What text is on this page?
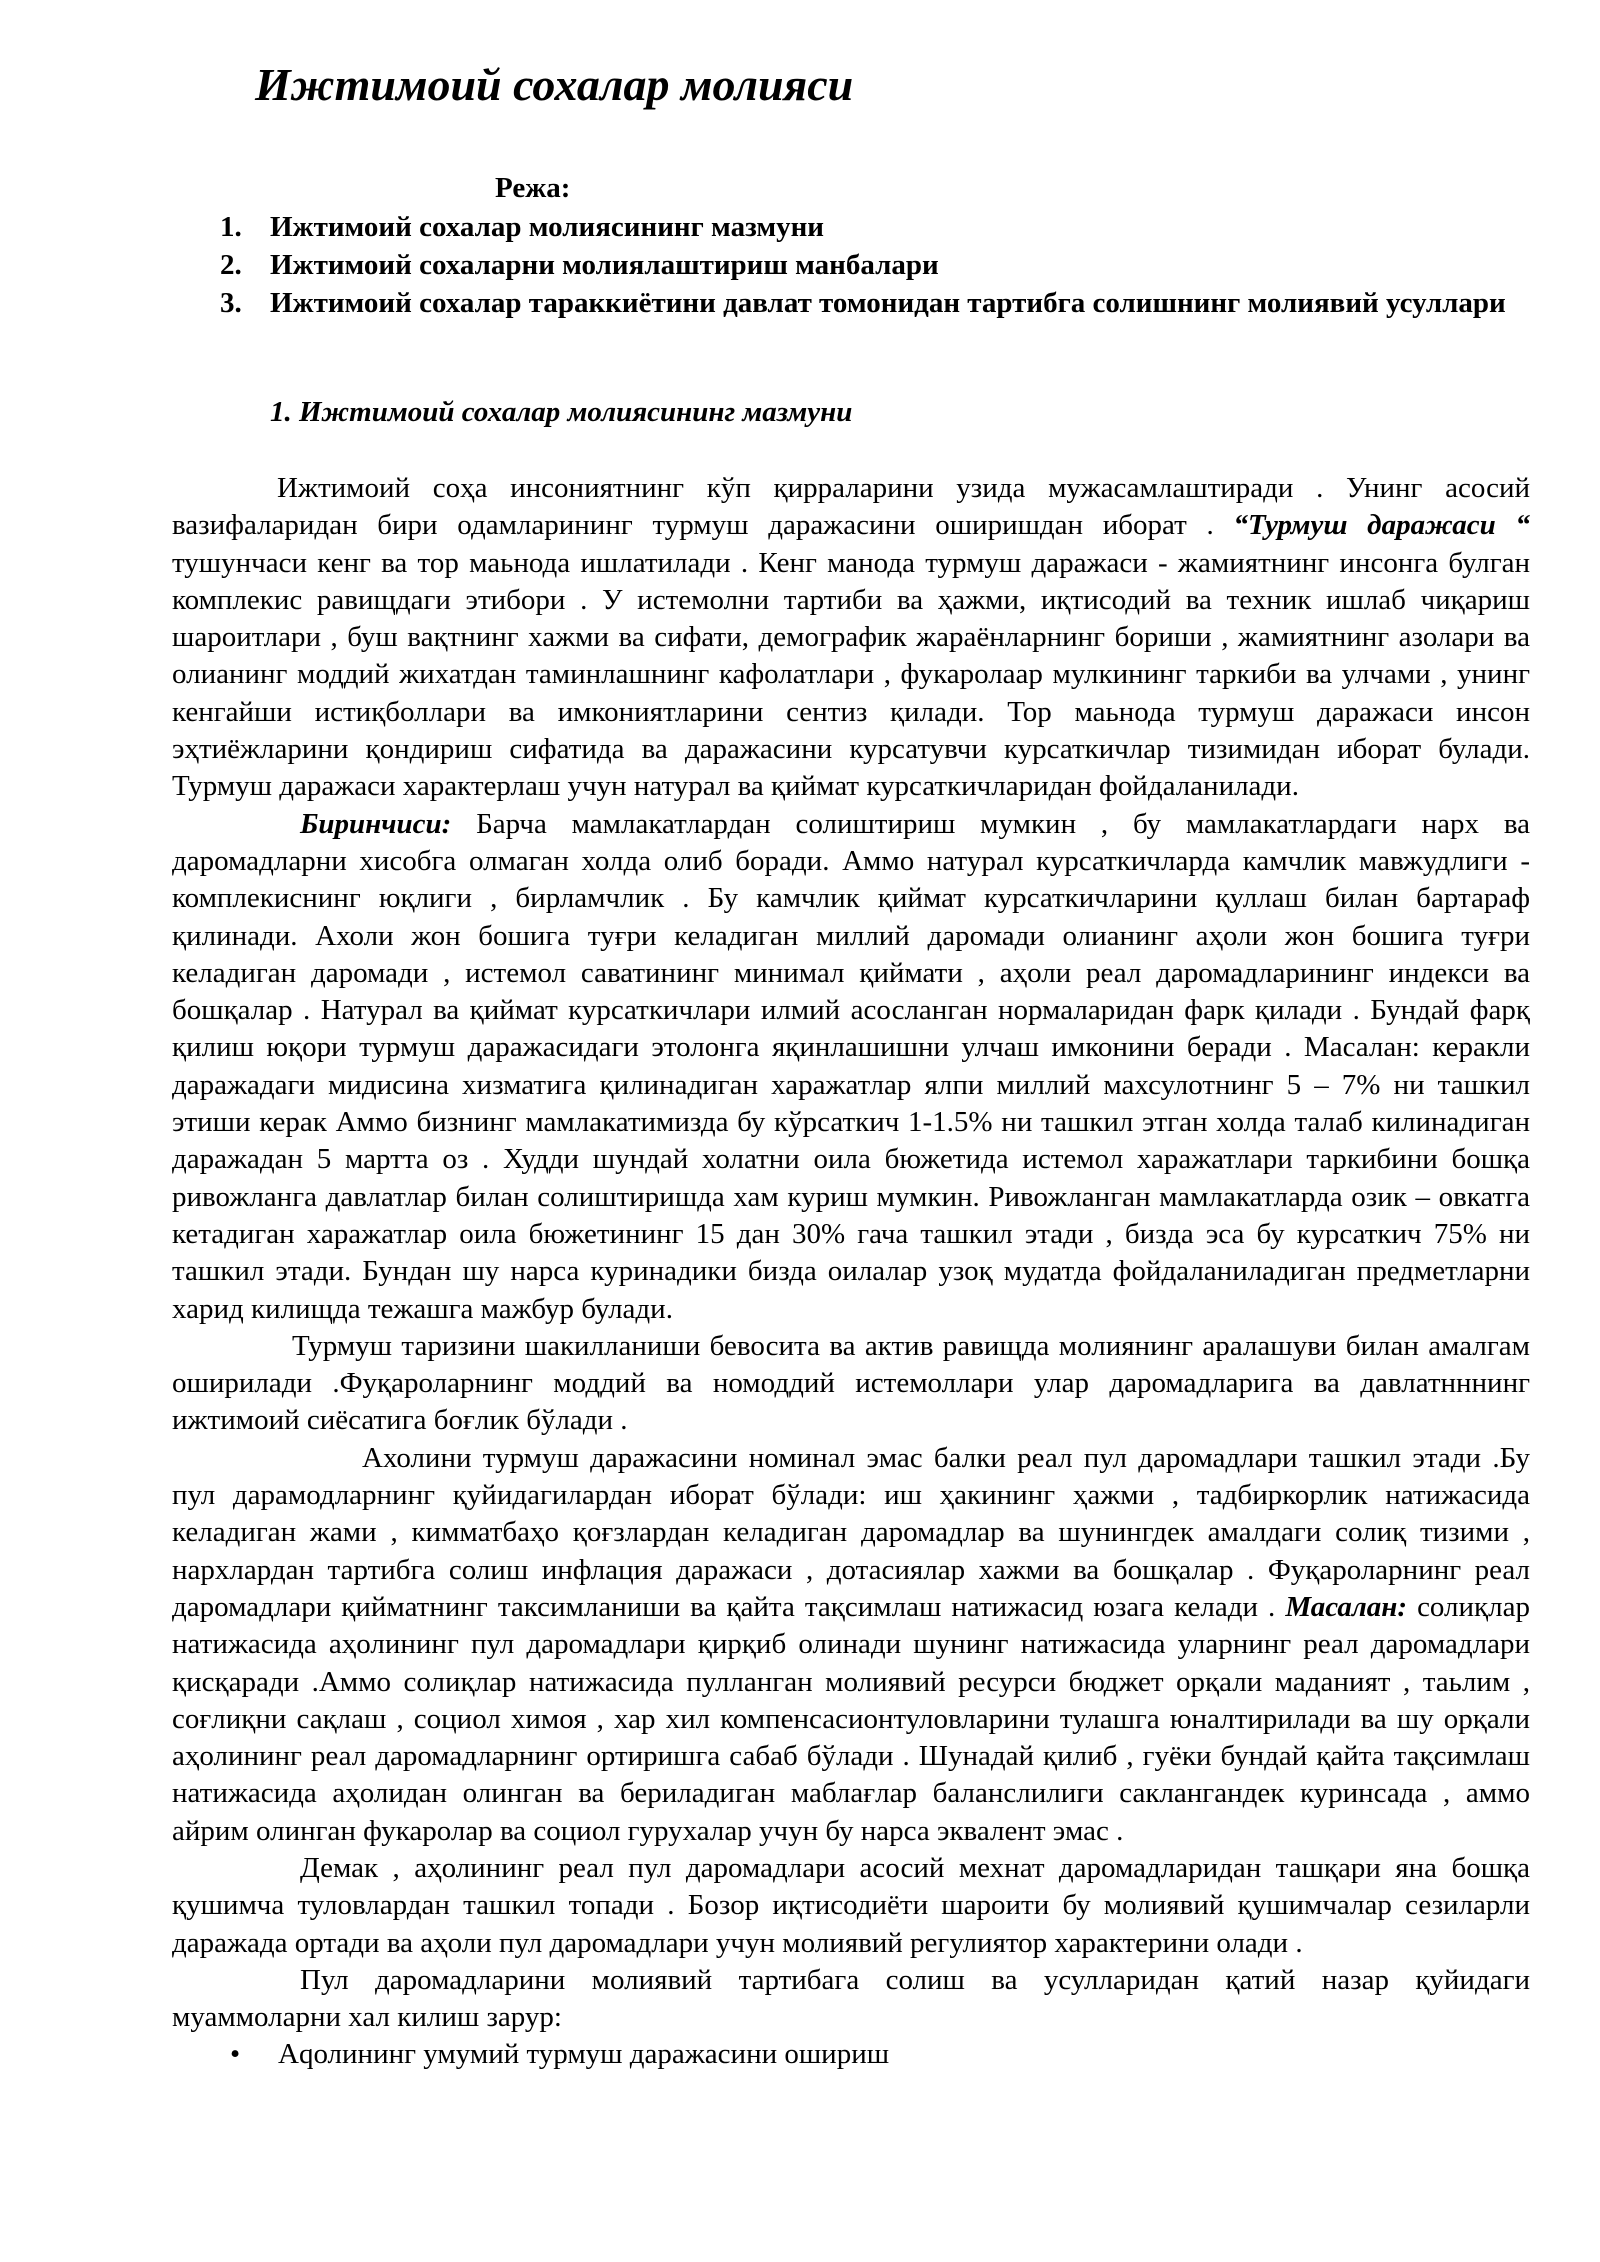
Ижтимоий сохалар молияси
Режа:
1. Ижтимоий сохалар молиясининг мазмуни
2. Ижтимоий сохаларни молиялаштириш манбалари
3. Ижтимоий сохалар тараккиётини давлат томонидан тартибга солишнинг молиявий усуллари
1. Ижтимоий сохалар молиясининг мазмуни

Ижтимоий соҳа инсониятнинг кўп қирраларини узида мужасамлаштиради . Унинг асосий вазифаларидан бири одамларининг турмуш даражасини оширишдан иборат . “Турмуш даражаси “ тушунчаси кенг ва тор маьнода ишлатилади . Кенг манода турмуш даражаси - жамиятнинг инсонга булган комплекис равищдаги этибори . У истемолни тартиби ва ҳажми, иқтисодий ва техник ишлаб чиқариш шароитлари , буш вақтнинг хажми ва сифати, демографик жараёнларнинг бориши , жамиятнинг азолари ва олианинг моддий жихатдан таминлашнинг кафолатлари , фукаролаар мулкининг таркиби ва улчами , унинг кенгайши истиқболлари ва имкониятларини сентиз қилади. Тор маьнода турмуш даражаси инсон эҳтиёжларини қондириш сифатида ва даражасини курсатувчи курсаткичлар тизимидан иборат булади. Турмуш даражаси характерлаш учун натурал ва қиймат курсаткичларидан фойдаланилади.

Биринчиси: Барча мамлакатлардан солиштириш мумкин , бу мамлакатлардаги нарх ва даромадларни хисобга олмаган холда олиб боради. Аммо натурал курсаткичларда камчлик мавжудлиги - комплекиснинг юқлиги , бирламчлик . Бу камчлик қиймат курсаткичларини қуллаш билан бартараф қилинади. Ахоли жон бошига туғри келадиган миллий даромади олианинг аҳоли жон бошига туғри келадиган даромади , истемол саватининг минимал қиймати , аҳоли реал даромадларининг индекси ва бошқалар . Натурал ва қиймат курсаткичлари илмий асосланган нормаларидан фарк қилади . Бундай фарқ қилиш юқори турмуш даражасидаги этолонга яқинлашишни улчаш имконини беради . Масалан: керакли даражадаги мидисина хизматига қилинадиган харажатлар ялпи миллий махсулотнинг 5 – 7% ни ташкил этиши керак Аммо бизнинг мамлакатимизда бу кўрсаткич 1-1.5% ни ташкил этган холда талаб килинадиган даражадан 5 мартта оз . Худди шундай холатни оила бюжетида истемол харажатлари таркибини бошқа ривожланга давлатлар билан солиштиришда хам куриш мумкин. Ривожланган мамлакатларда озик – овкатга кетадиган харажатлар оила бюжетининг 15 дан 30% гача ташкил этади , бизда эса бу курсаткич 75% ни ташкил этади. Бундан шу нарса куринадики бизда оилалар узоқ мудатда фойдаланиладиган предметларни харид килищда тежашга мажбур булади.

Турмуш таризини шакилланиши бевосита ва актив равищда молиянинг аралашуви билан амалгам оширилади .Фуқароларнинг моддий ва номоддий истемоллари улар даромадларига ва давлатнннинг ижтимоий сиёсатига боғлик бўлади .

Ахолини турмуш даражасини номинал эмас балки реал пул даромадлари ташкил этади .Бу пул дарамодларнинг қуйидагилардан иборат бўлади: иш ҳакининг ҳажми , тадбиркорлик натижасида келадиган жами , кимматбаҳо қоғзлардан келадиган даромадлар ва шунингдек амалдаги солиқ тизими , нархлардан тартибга солиш инфлация даражаси , дотасиялар хажми ва бошқалар . Фуқароларнинг реал даромадлари қийматнинг таксимланиши ва қайта тақсимлаш натижасид юзага келади . Масалан: солиқлар натижасида аҳолининг пул даромадлари қирқиб олинади шунинг натижасида уларнинг реал даромадлари қисқаради .Аммо солиқлар натижасида пулланган молиявий ресурси бюджет орқали маданият , таьлим , соғлиқни сақлаш , социол химоя , хар хил компенсасионтуловларини тулашга юналтирилади ва шу орқали аҳолининг реал даромадларнинг ортиришга сабаб бўлади . Шунадай қилиб , гуёки бундай қайта тақсимлаш натижасида аҳолидан олинган ва бериладиган маблағлар баланслилиги саклангандек куринсада , аммо айрим олинган фукаролар ва социол гурухалар учун бу нарса эквалент эмас .

Демак , аҳолининг реал пул даромадлари асосий мехнат даромадларидан ташқари яна бошқа қушимча туловлардан ташкил топади . Бозор иқтисодиёти шароити бу молиявий қушимчалар сезиларли даражада ортади ва аҳоли пул даромадлари учун молиявий регулиятор характерини олади .

Пул даромадларини молиявий тартибага солиш ва усулларидан қатий назар қуйидаги муаммоларни хал килиш зарур:

• Аqолининг умумий турмуш даражасини ошириш
